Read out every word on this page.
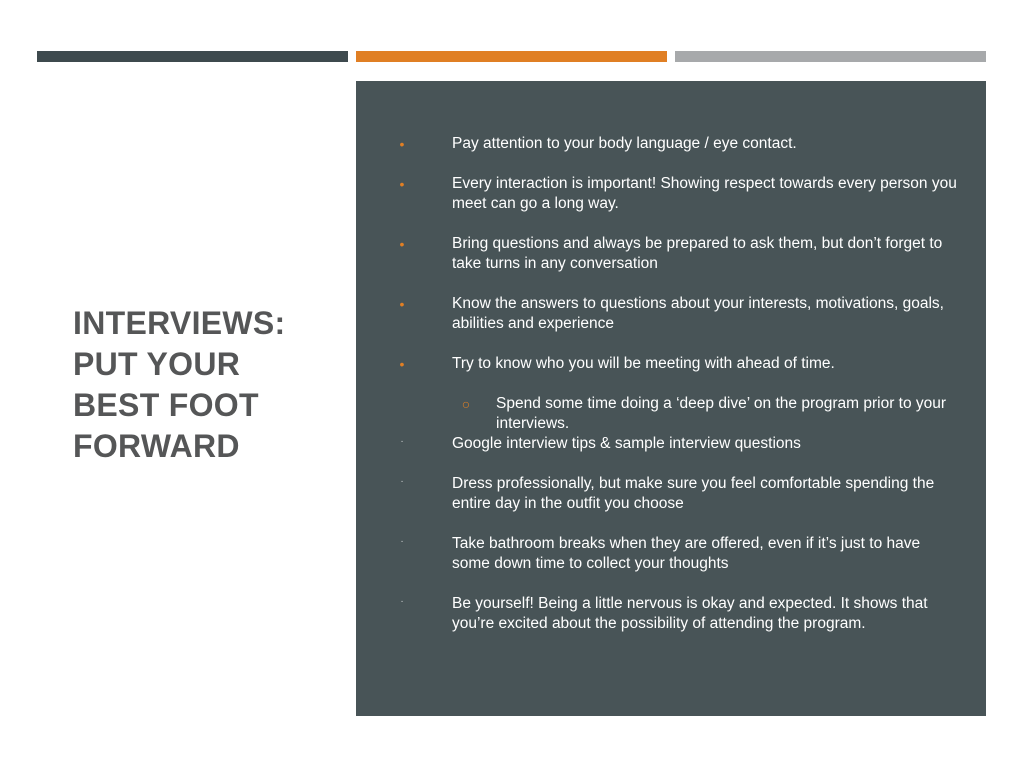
INTERVIEWS:
PUT YOUR
BEST FOOT
FORWARD
•	Pay attention to your body language / eye contact.
•	Every interaction is important! Showing respect towards every person you meet can go a long way.
•	Bring questions and always be prepared to ask them, but don’t forget to take turns in any conversation
•	Know the answers to questions about your interests, motivations, goals, abilities and experience
•	Try to know who you will be meeting with ahead of time.
○ Spend some time doing a ‘deep dive’ on the program prior to your interviews.
·	Google interview tips & sample interview questions
·	Dress professionally, but make sure you feel comfortable spending the entire day in the outfit you choose
·	Take bathroom breaks when they are offered, even if it’s just to have some down time to collect your thoughts
·	Be yourself! Being a little nervous is okay and expected. It shows that you’re excited about the possibility of attending the program.
